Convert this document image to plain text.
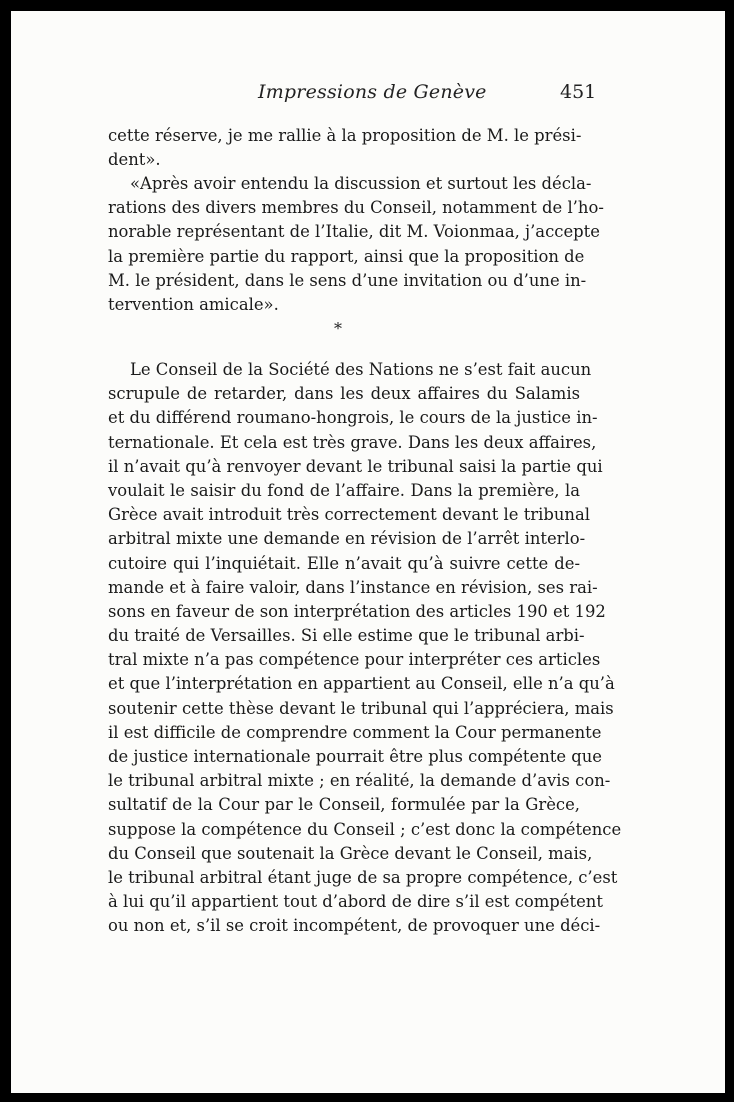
Impressions de Genève	451
cette réserve, je me rallie à la proposition de M. le prési-
dent».
«Après avoir entendu la discussion et surtout les décla-
rations des divers membres du Conseil, notamment de l’ho-
norable représentant de l’Italie, dit M. Voionmaa, j’accepte
la première partie du rapport, ainsi que la proposition de
M. le président, dans le sens d’une invitation ou d’une in-
tervention amicale».
*
Le Conseil de la Société des Nations ne s’est fait aucun
scrupule de retarder, dans les deux affaires du Salamis
et du différend roumano-hongrois, le cours de la justice in-
ternationale. Et cela est très grave. Dans les deux affaires,
il n’avait qu’à renvoyer devant le tribunal saisi la partie qui
voulait le saisir du fond de l’affaire. Dans la première, la
Grèce avait introduit très correctement devant le tribunal
arbitral mixte une demande en révision de l’arrêt interlo-
cutoire qui l’inquiétait. Elle n’avait qu’à suivre cette de-
mande et à faire valoir, dans l’instance en révision, ses rai-
sons en faveur de son interprétation des articles 190 et 192
du traité de Versailles. Si elle estime que le tribunal arbi-
tral mixte n’a pas compétence pour interpréter ces articles
et que l’interprétation en appartient au Conseil, elle n’a qu’à
soutenir cette thèse devant le tribunal qui l’appréciera, mais
il est difficile de comprendre comment la Cour permanente
de justice internationale pourrait être plus compétente que
le tribunal arbitral mixte ; en réalité, la demande d’avis con-
sultatif de la Cour par le Conseil, formulée par la Grèce,
suppose la compétence du Conseil ; c’est donc la compétence
du Conseil que soutenait la Grèce devant le Conseil, mais,
le tribunal arbitral étant juge de sa propre compétence, c’est
à lui qu’il appartient tout d’abord de dire s’il est compétent
ou non et, s’il se croit incompétent, de provoquer une déci-
